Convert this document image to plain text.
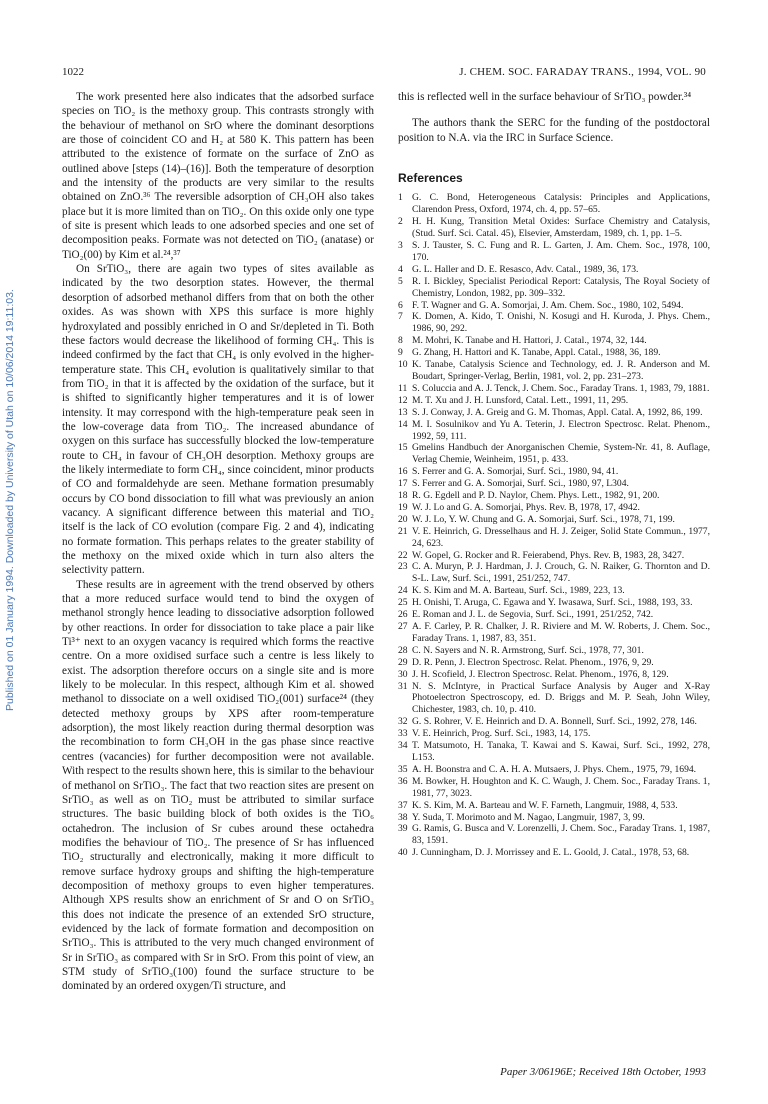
Published on 01 January 1994. Downloaded by University of Utah on 10/06/2014 19:11:03.
1022	J. CHEM. SOC. FARADAY TRANS., 1994, VOL. 90

The work presented here also indicates that the adsorbed surface species on TiO₂ is the methoxy group. This contrasts strongly with the behaviour of methanol on SrO where the dominant desorptions are those of coincident CO and H₂ at 580 K. This pattern has been attributed to the existence of formate on the surface of ZnO as outlined above [steps (14)–(16)]. Both the temperature of desorption and the intensity of the products are very similar to the results obtained on ZnO.³⁶ The reversible adsorption of CH₃OH also takes place but it is more limited than on TiO₂. On this oxide only one type of site is present which leads to one adsorbed species and one set of decomposition peaks. Formate was not detected on TiO₂ (anatase) or TiO₂(00) by Kim et al.²⁴,³⁷

On SrTiO₃, there are again two types of sites available as indicated by the two desorption states. However, the thermal desorption of adsorbed methanol differs from that on both the other oxides. As was shown with XPS this surface is more highly hydroxylated and possibly enriched in O and Sr/depleted in Ti. Both these factors would decrease the likelihood of forming CH₄. This is indeed confirmed by the fact that CH₄ is only evolved in the higher-temperature state. This CH₄ evolution is qualitatively similar to that from TiO₂ in that it is affected by the oxidation of the surface, but it is shifted to significantly higher temperatures and it is of lower intensity. It may correspond with the high-temperature peak seen in the low-coverage data from TiO₂. The increased abundance of oxygen on this surface has successfully blocked the low-temperature route to CH₄ in favour of CH₃OH desorption. Methoxy groups are the likely intermediate to form CH₄, since coincident, minor products of CO and formaldehyde are seen. Methane formation presumably occurs by CO bond dissociation to fill what was previously an anion vacancy. A significant difference between this material and TiO₂ itself is the lack of CO evolution (compare Fig. 2 and 4), indicating no formate formation. This perhaps relates to the greater stability of the methoxy on the mixed oxide which in turn also alters the selectivity pattern.

These results are in agreement with the trend observed by others that a more reduced surface would tend to bind the oxygen of methanol strongly hence leading to dissociative adsorption followed by other reactions. In order for dissociation to take place a pair like Ti³⁺ next to an oxygen vacancy is required which forms the reactive centre. On a more oxidised surface such a centre is less likely to exist. The adsorption therefore occurs on a single site and is more likely to be molecular. In this respect, although Kim et al. showed methanol to dissociate on a well oxidised TiO₂(001) surface²⁴ (they detected methoxy groups by XPS after room-temperature adsorption), the most likely reaction during thermal desorption was the recombination to form CH₃OH in the gas phase since reactive centres (vacancies) for further decomposition were not available. With respect to the results shown here, this is similar to the behaviour of methanol on SrTiO₃. The fact that two reaction sites are present on SrTiO₃ as well as on TiO₂ must be attributed to similar surface structures. The basic building block of both oxides is the TiO₆ octahedron. The inclusion of Sr cubes around these octahedra modifies the behaviour of TiO₂. The presence of Sr has influenced TiO₂ structurally and electronically, making it more difficult to remove surface hydroxy groups and shifting the high-temperature decomposition of methoxy groups to even higher temperatures. Although XPS results show an enrichment of Sr and O on SrTiO₃ this does not indicate the presence of an extended SrO structure, evidenced by the lack of formate formation and decomposition on SrTiO₃. This is attributed to the very much changed environment of Sr in SrTiO₃ as compared with Sr in SrO. From this point of view, an STM study of SrTiO₃(100) found the surface structure to be dominated by an ordered oxygen/Ti structure, and

this is reflected well in the surface behaviour of SrTiO₃ powder.³⁴

The authors thank the SERC for the funding of the postdoctoral position to N.A. via the IRC in Surface Science.

References
1 G. C. Bond, Heterogeneous Catalysis: Principles and Applications, Clarendon Press, Oxford, 1974, ch. 4, pp. 57–65.
2 H. H. Kung, Transition Metal Oxides: Surface Chemistry and Catalysis, (Stud. Surf. Sci. Catal. 45), Elsevier, Amsterdam, 1989, ch. 1, pp. 1–5.
3 S. J. Tauster, S. C. Fung and R. L. Garten, J. Am. Chem. Soc., 1978, 100, 170.
4 G. L. Haller and D. E. Resasco, Adv. Catal., 1989, 36, 173.
5 R. I. Bickley, Specialist Periodical Report: Catalysis, The Royal Society of Chemistry, London, 1982, pp. 309–332.
6 F. T. Wagner and G. A. Somorjai, J. Am. Chem. Soc., 1980, 102, 5494.
7 K. Domen, A. Kido, T. Onishi, N. Kosugi and H. Kuroda, J. Phys. Chem., 1986, 90, 292.
8 M. Mohri, K. Tanabe and H. Hattori, J. Catal., 1974, 32, 144.
9 G. Zhang, H. Hattori and K. Tanabe, Appl. Catal., 1988, 36, 189.
10 K. Tanabe, Catalysis Science and Technology, ed. J. R. Anderson and M. Boudart, Springer-Verlag, Berlin, 1981, vol. 2, pp. 231–273.
11 S. Coluccia and A. J. Tenck, J. Chem. Soc., Faraday Trans. 1, 1983, 79, 1881.
12 M. T. Xu and J. H. Lunsford, Catal. Lett., 1991, 11, 295.
13 S. J. Conway, J. A. Greig and G. M. Thomas, Appl. Catal. A, 1992, 86, 199.
14 M. I. Sosulnikov and Yu A. Teterin, J. Electron Spectrosc. Relat. Phenom., 1992, 59, 111.
15 Gmelins Handbuch der Anorganischen Chemie, System-Nr. 41, 8. Auflage, Verlag Chemie, Weinheim, 1951, p. 433.
16 S. Ferrer and G. A. Somorjai, Surf. Sci., 1980, 94, 41.
17 S. Ferrer and G. A. Somorjai, Surf. Sci., 1980, 97, L304.
18 R. G. Egdell and P. D. Naylor, Chem. Phys. Lett., 1982, 91, 200.
19 W. J. Lo and G. A. Somorjai, Phys. Rev. B, 1978, 17, 4942.
20 W. J. Lo, Y. W. Chung and G. A. Somorjai, Surf. Sci., 1978, 71, 199.
21 V. E. Heinrich, G. Dresselhaus and H. J. Zeiger, Solid State Commun., 1977, 24, 623.
22 W. Gopel, G. Rocker and R. Feierabend, Phys. Rev. B, 1983, 28, 3427.
23 C. A. Muryn, P. J. Hardman, J. J. Crouch, G. N. Raiker, G. Thornton and D. S-L. Law, Surf. Sci., 1991, 251/252, 747.
24 K. S. Kim and M. A. Barteau, Surf. Sci., 1989, 223, 13.
25 H. Onishi, T. Aruga, C. Egawa and Y. Iwasawa, Surf. Sci., 1988, 193, 33.
26 E. Roman and J. L. de Segovia, Surf. Sci., 1991, 251/252, 742.
27 A. F. Carley, P. R. Chalker, J. R. Riviere and M. W. Roberts, J. Chem. Soc., Faraday Trans. 1, 1987, 83, 351.
28 C. N. Sayers and N. R. Armstrong, Surf. Sci., 1978, 77, 301.
29 D. R. Penn, J. Electron Spectrosc. Relat. Phenom., 1976, 9, 29.
30 J. H. Scofield, J. Electron Spectrosc. Relat. Phenom., 1976, 8, 129.
31 N. S. McIntyre, in Practical Surface Analysis by Auger and X-Ray Photoelectron Spectroscopy, ed. D. Briggs and M. P. Seah, John Wiley, Chichester, 1983, ch. 10, p. 410.
32 G. S. Rohrer, V. E. Heinrich and D. A. Bonnell, Surf. Sci., 1992, 278, 146.
33 V. E. Heinrich, Prog. Surf. Sci., 1983, 14, 175.
34 T. Matsumoto, H. Tanaka, T. Kawai and S. Kawai, Surf. Sci., 1992, 278, L153.
35 A. H. Boonstra and C. A. H. A. Mutsaers, J. Phys. Chem., 1975, 79, 1694.
36 M. Bowker, H. Houghton and K. C. Waugh, J. Chem. Soc., Faraday Trans. 1, 1981, 77, 3023.
37 K. S. Kim, M. A. Barteau and W. F. Farneth, Langmuir, 1988, 4, 533.
38 Y. Suda, T. Morimoto and M. Nagao, Langmuir, 1987, 3, 99.
39 G. Ramis, G. Busca and V. Lorenzelli, J. Chem. Soc., Faraday Trans. 1, 1987, 83, 1591.
40 J. Cunningham, D. J. Morrissey and E. L. Goold, J. Catal., 1978, 53, 68.
Paper 3/06196E; Received 18th October, 1993
